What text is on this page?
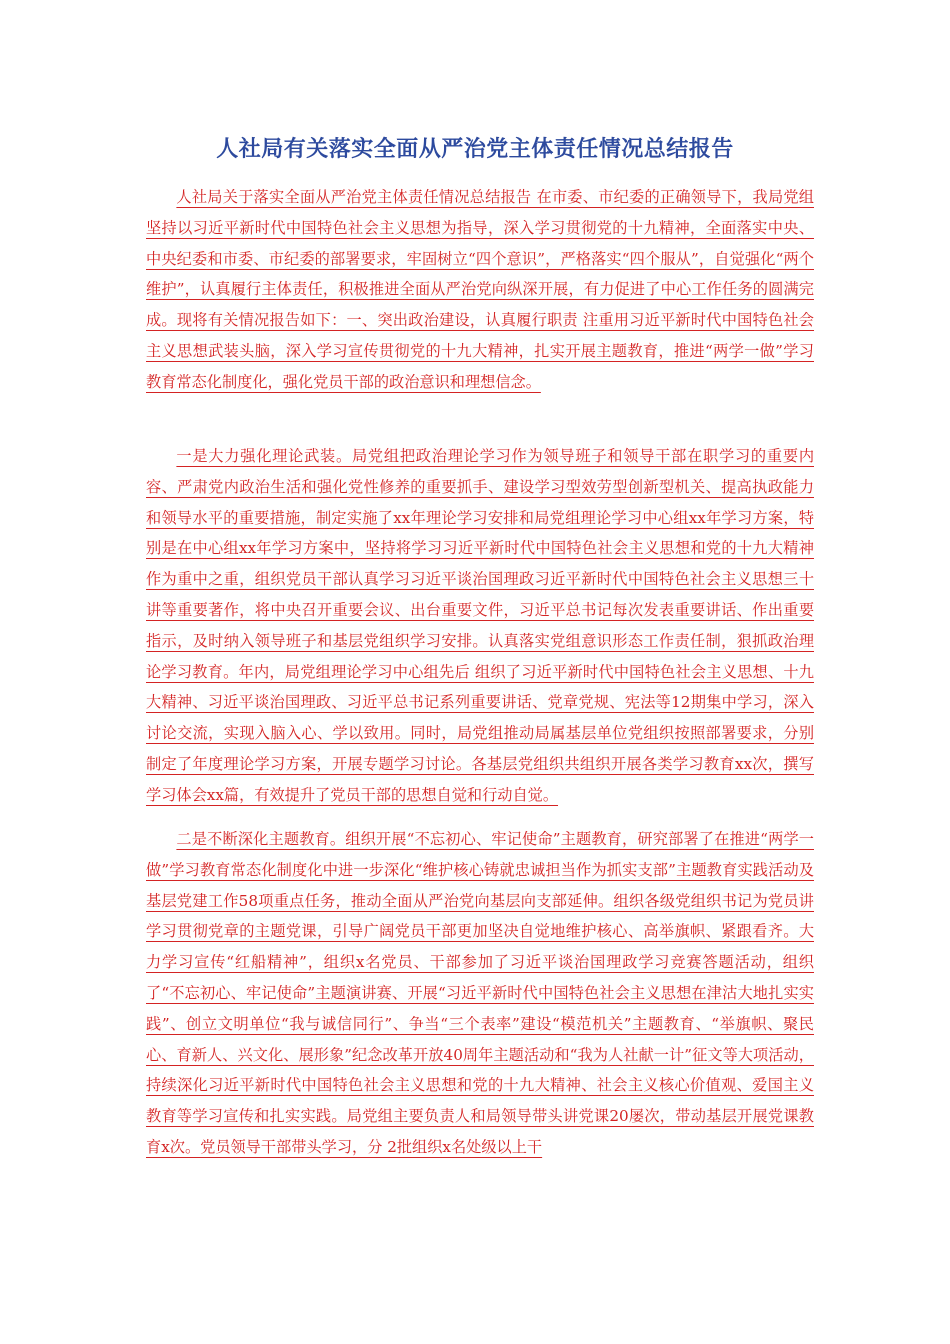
人社局有关落实全面从严治党主体责任情况总结报告

人社局关于落实全面从严治党主体责任情况总结报告 在市委、市纪委的正确领导下，我局党组坚持以习近平新时代中国特色社会主义思想为指导，深入学习贯彻党的十九精神，全面落实中央、中央纪委和市委、市纪委的部署要求，牢固树立“四个意识”，严格落实“四个服从”，自觉强化“两个维护”，认真履行主体责任，积极推进全面从严治党向纵深开展，有力促进了中心工作任务的圆满完成。现将有关情况报告如下：一、突出政治建设，认真履行职责 注重用习近平新时代中国特色社会主义思想武装头脑，深入学习宣传贯彻党的十九大精神，扎实开展主题教育，推进“两学一做”学习教育常态化制度化，强化党员干部的政治意识和理想信念。

一是大力强化理论武装。局党组把政治理论学习作为领导班子和领导干部在职学习的重要内容、严肃党内政治生活和强化党性修养的重要抓手、建设学习型效劳型创新型机关、提高执政能力和领导水平的重要措施，制定实施了xx年理论学习安排和局党组理论学习中心组xx年学习方案，特别是在中心组xx年学习方案中，坚持将学习习近平新时代中国特色社会主义思想和党的十九大精神作为重中之重，组织党员干部认真学习习近平谈治国理政习近平新时代中国特色社会主义思想三十讲等重要著作，将中央召开重要会议、出台重要文件，习近平总书记每次发表重要讲话、作出重要指示，及时纳入领导班子和基层党组织学习安排。认真落实党组意识形态工作责任制，狠抓政治理论学习教育。年内，局党组理论学习中心组先后 组织了习近平新时代中国特色社会主义思想、十九大精神、习近平谈治国理政、习近平总书记系列重要讲话、党章党规、宪法等12期集中学习，深入讨论交流，实现入脑入心、学以致用。同时，局党组推动局属基层单位党组织按照部署要求，分别制定了年度理论学习方案，开展专题学习讨论。各基层党组织共组织开展各类学习教育xx次，撰写学习体会xx篇，有效提升了党员干部的思想自觉和行动自觉。

二是不断深化主题教育。组织开展“不忘初心、牢记使命”主题教育，研究部署了在推进“两学一做”学习教育常态化制度化中进一步深化“维护核心铸就忠诚担当作为抓实支部”主题教育实践活动及基层党建工作58项重点任务，推动全面从严治党向基层向支部延伸。组织各级党组织书记为党员讲学习贯彻党章的主题党课，引导广阔党员干部更加坚决自觉地维护核心、高举旗帜、紧跟看齐。大力学习宣传“红船精神”，组织x名党员、干部参加了习近平谈治国理政学习竞赛答题活动，组织了“不忘初心、牢记使命”主题演讲赛、开展“习近平新时代中国特色社会主义思想在津沽大地扎实实践”、创立文明单位“我与诚信同行”、争当“三个表率”建设“模范机关”主题教育、“举旗帜、聚民心、育新人、兴文化、展形象”纪念改革开放40周年主题活动和“我为人社献一计”征文等大项活动，持续深化习近平新时代中国特色社会主义思想和党的十九大精神、社会主义核心价值观、爱国主义教育等学习宣传和扎实实践。局党组主要负责人和局领导带头讲党课20屡次，带动基层开展党课教育x次。党员领导干部带头学习，分 2批组织x名处级以上干
